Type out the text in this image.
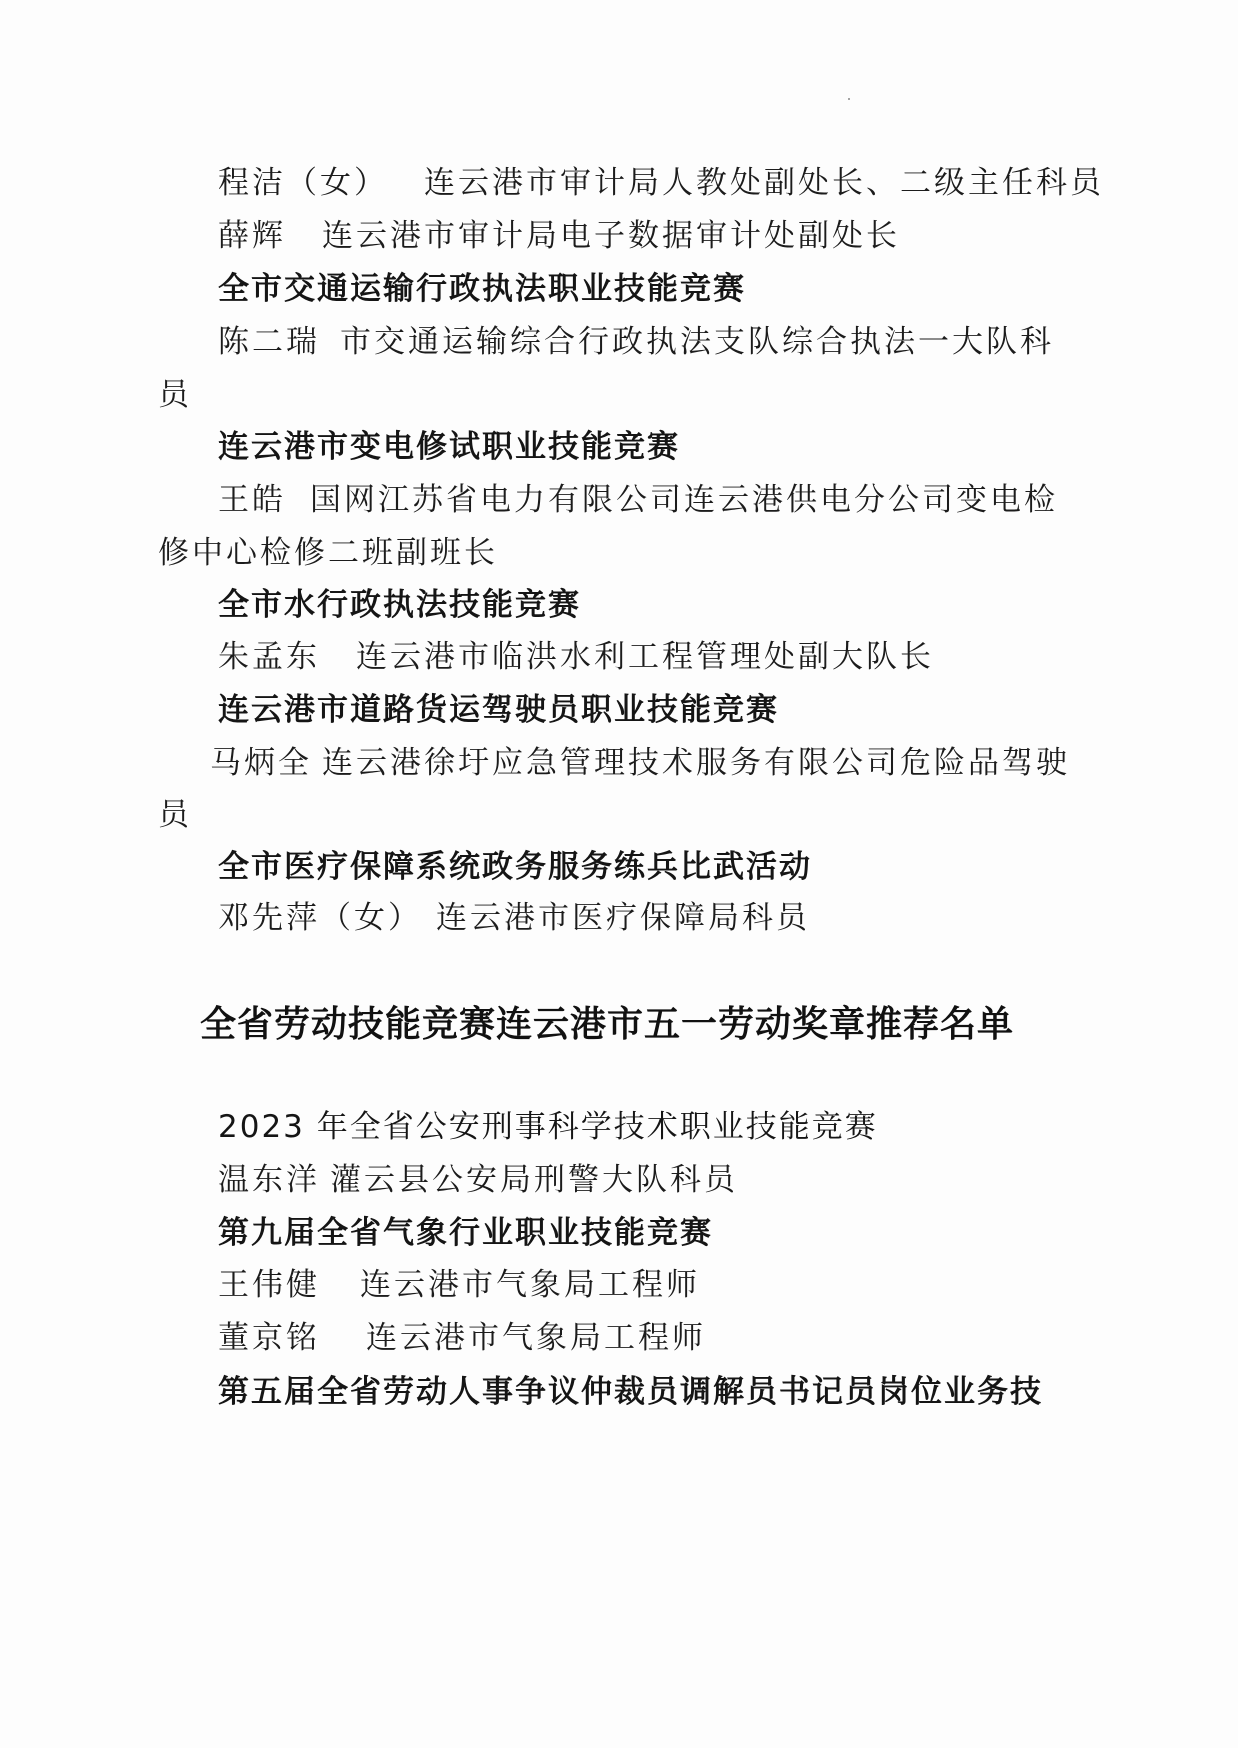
程洁（女） 连云港市审计局人教处副处长、二级主任科员
薛辉 连云港市审计局电子数据审计处副处长
全市交通运输行政执法职业技能竞赛
陈二瑞 市交通运输综合行政执法支队综合执法一大队科
员
连云港市变电修试职业技能竞赛
王皓 国网江苏省电力有限公司连云港供电分公司变电检
修中心检修二班副班长
全市水行政执法技能竞赛
朱孟东 连云港市临洪水利工程管理处副大队长
连云港市道路货运驾驶员职业技能竞赛
马炳全 连云港徐圩应急管理技术服务有限公司危险品驾驶
员
全市医疗保障系统政务服务练兵比武活动
邓先萍（女） 连云港市医疗保障局科员
全省劳动技能竞赛连云港市五一劳动奖章推荐名单
2023 年全省公安刑事科学技术职业技能竞赛
温东洋 灌云县公安局刑警大队科员
第九届全省气象行业职业技能竞赛
王伟健 连云港市气象局工程师
董京铭 连云港市气象局工程师
第五届全省劳动人事争议仲裁员调解员书记员岗位业务技
